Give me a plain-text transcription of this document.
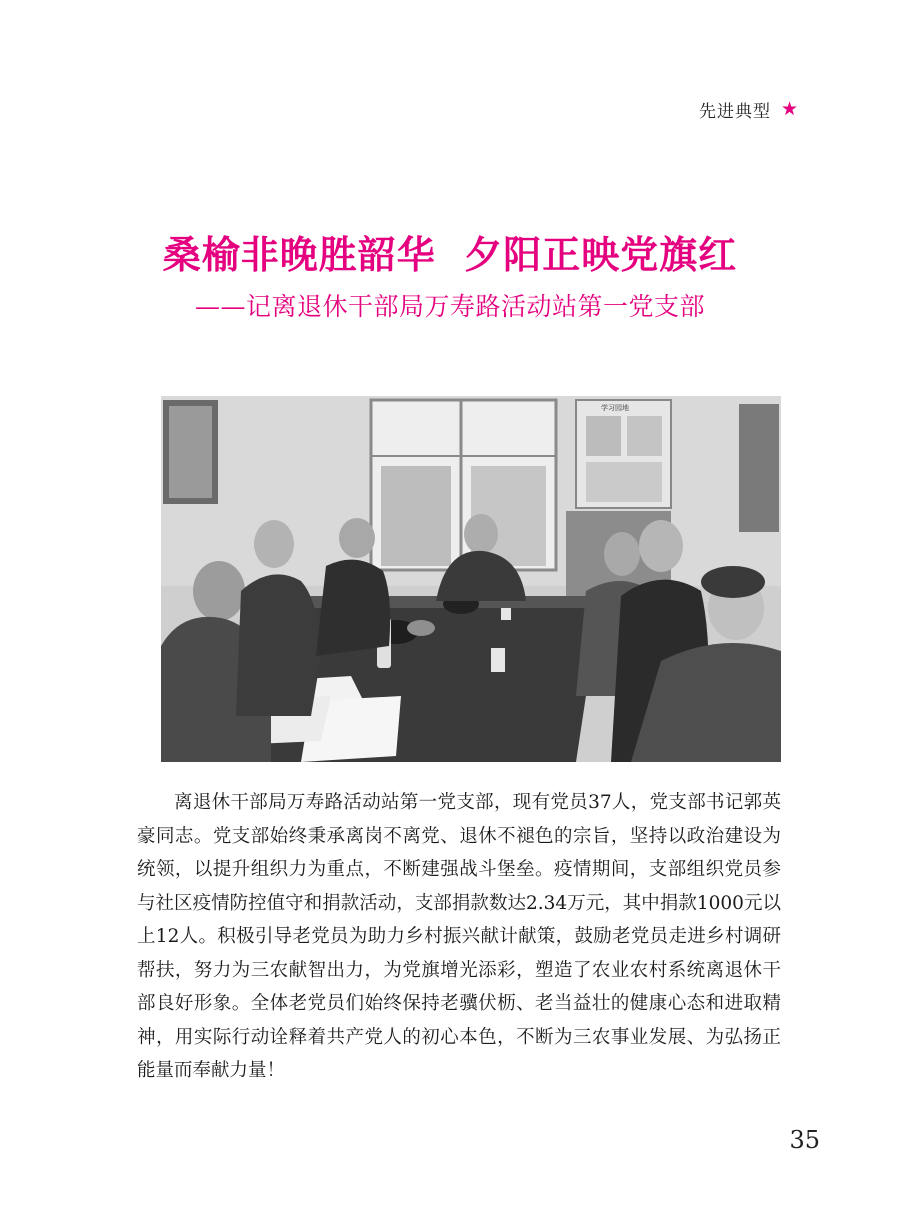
先进典型 ★
桑榆非晚胜韶华  夕阳正映党旗红
——记离退休干部局万寿路活动站第一党支部
学习园地

离退休干部局万寿路活动站第一党支部，现有党员37人，党支部书记郭英豪同志。党支部始终秉承离岗不离党、退休不褪色的宗旨，坚持以政治建设为统领，以提升组织力为重点，不断建强战斗堡垒。疫情期间，支部组织党员参与社区疫情防控值守和捐款活动，支部捐款数达2.34万元，其中捐款1000元以上12人。积极引导老党员为助力乡村振兴献计献策，鼓励老党员走进乡村调研帮扶，努力为三农献智出力，为党旗增光添彩，塑造了农业农村系统离退休干部良好形象。全体老党员们始终保持老骥伏枥、老当益壮的健康心态和进取精神，用实际行动诠释着共产党人的初心本色，不断为三农事业发展、为弘扬正能量而奉献力量！

35
